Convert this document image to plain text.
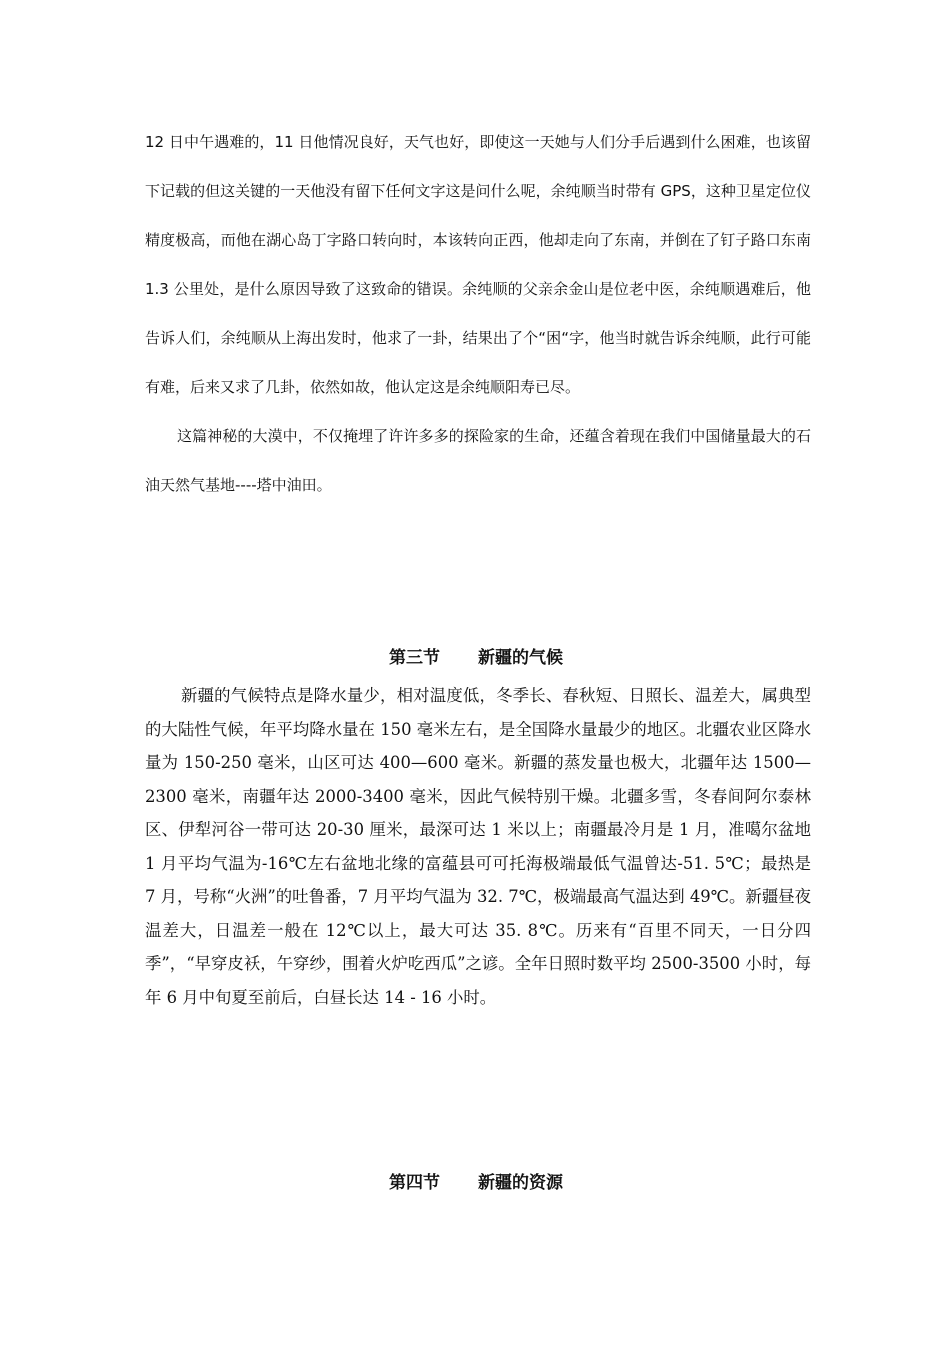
12 日中午遇难的，11 日他情况良好，天气也好，即使这一天她与人们分手后遇到什么困难，也该留下记载的但这关键的一天他没有留下任何文字这是问什么呢，余纯顺当时带有 GPS，这种卫星定位仪精度极高，而他在湖心岛丁字路口转向时，本该转向正西，他却走向了东南，并倒在了钉子路口东南 1.3 公里处，是什么原因导致了这致命的错误。余纯顺的父亲余金山是位老中医，余纯顺遇难后，他告诉人们，余纯顺从上海出发时，他求了一卦，结果出了个“困“字，他当时就告诉余纯顺，此行可能有难，后来又求了几卦，依然如故，他认定这是余纯顺阳寿已尽。

这篇神秘的大漠中，不仅掩埋了许许多多的探险家的生命，还蕴含着现在我们中国储量最大的石油天然气基地----塔中油田。

第三节 新疆的气候

新疆的气候特点是降水量少，相对温度低，冬季长、春秋短、日照长、温差大，属典型的大陆性气候，年平均降水量在 150 毫米左右，是全国降水量最少的地区。北疆农业区降水量为 150-250 毫米，山区可达 400—600 毫米。新疆的蒸发量也极大，北疆年达 1500—2300 毫米，南疆年达 2000-3400 毫米，因此气候特别干燥。北疆多雪，冬春间阿尔泰林区、伊犁河谷一带可达 20-30 厘米，最深可达 1 米以上；南疆最冷月是 1 月，准噶尔盆地 1 月平均气温为-16℃左右盆地北缘的富蕴县可可托海极端最低气温曾达-51. 5℃；最热是 7 月，号称“火洲”的吐鲁番，7 月平均气温为 32. 7℃，极端最高气温达到 49℃。新疆昼夜温差大，日温差一般在 12℃以上，最大可达 35. 8℃。历来有“百里不同天，一日分四季”，“早穿皮袄，午穿纱，围着火炉吃西瓜”之谚。全年日照时数平均 2500-3500 小时，每年 6 月中旬夏至前后，白昼长达 14 - 16 小时。

第四节 新疆的资源
